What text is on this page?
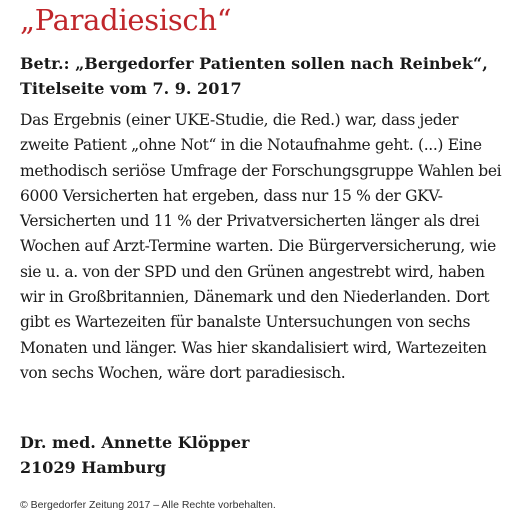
„Paradiesisch“
Betr.: „Bergedorfer Patienten sollen nach Reinbek“,
Titelseite vom 7. 9. 2017
Das Ergebnis (einer UKE-Studie, die Red.) war, dass jeder
zweite Patient „ohne Not“ in die Notaufnahme geht. (...) Eine
methodisch seriöse Umfrage der Forschungsgruppe Wahlen bei
6000 Versicherten hat ergeben, dass nur 15 % der GKV-
Versicherten und 11 % der Privatversicherten länger als drei
Wochen auf Arzt-Termine warten. Die Bürgerversicherung, wie
sie u. a. von der SPD und den Grünen angestrebt wird, haben
wir in Großbritannien, Dänemark und den Niederlanden. Dort
gibt es Wartezeiten für banalste Untersuchungen von sechs
Monaten und länger. Was hier skandalisiert wird, Wartezeiten
von sechs Wochen, wäre dort paradiesisch.
Dr. med. Annette Klöpper
21029 Hamburg
© Bergedorfer Zeitung 2017 – Alle Rechte vorbehalten.
